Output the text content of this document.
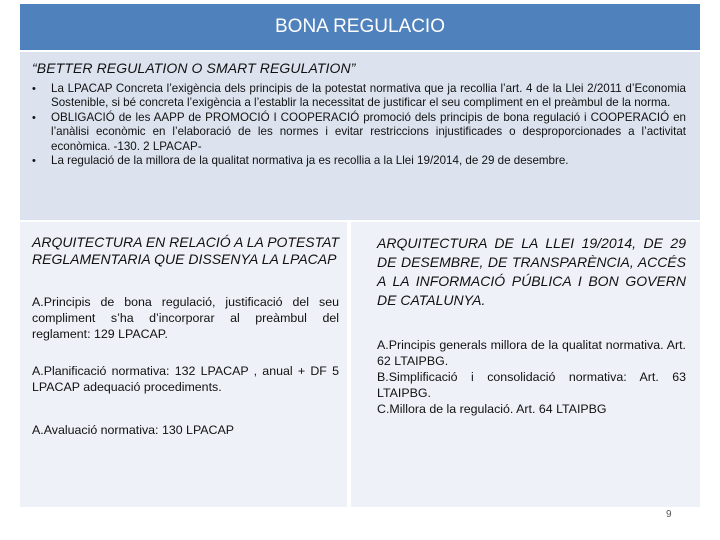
BONA REGULACIO

“BETTER REGULATION O SMART REGULATION”

• La LPACAP Concreta l’exigència dels principis de la potestat normativa que ja recollia l’art. 4 de la Llei 2/2011 d’Economia Sostenible, si bé concreta l’exigència a l’establir la necessitat de justificar el seu compliment en el preàmbul de la norma.
• OBLIGACIÓ de les AAPP de PROMOCIÓ I COOPERACIÓ promoció dels principis de bona regulació i COOPERACIÓ en l’anàlisi econòmic en l’elaboració de les normes i evitar restriccions injustificades o desproporcionades a l’activitat econòmica. -130. 2 LPACAP-
• La regulació de la millora de la qualitat normativa ja es recollia a la Llei 19/2014, de 29 de desembre.

ARQUITECTURA EN RELACIÓ A LA POTESTAT REGLAMENTARIA QUE DISSENYA LA LPACAP

A.Principis de bona regulació, justificació del seu compliment s’ha d’incorporar al preàmbul del reglament: 129 LPACAP.

A.Planificació normativa: 132 LPACAP , anual + DF 5 LPACAP adequació procediments.

A.Avaluació normativa: 130 LPACAP

ARQUITECTURA DE LA LLEI 19/2014, DE 29 DE DESEMBRE, DE TRANSPARÈNCIA, ACCÉS A LA INFORMACIÓ PÚBLICA I BON GOVERN DE CATALUNYA.

A.Principis generals millora de la qualitat normativa. Art. 62 LTAIPBG.
B.Simplificació i consolidació normativa: Art. 63 LTAIPBG.
C.Millora de la regulació. Art. 64 LTAIPBG
9
